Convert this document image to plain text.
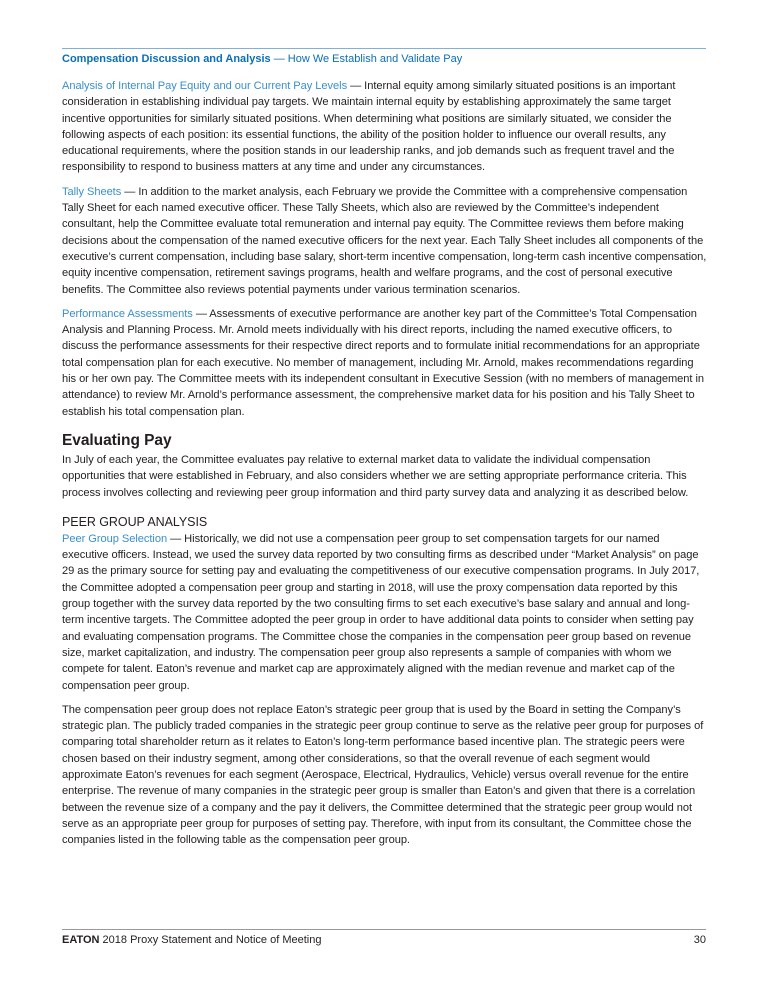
Compensation Discussion and Analysis — How We Establish and Validate Pay

Analysis of Internal Pay Equity and our Current Pay Levels — Internal equity among similarly situated positions is an important consideration in establishing individual pay targets. We maintain internal equity by establishing approximately the same target incentive opportunities for similarly situated positions. When determining what positions are similarly situated, we consider the following aspects of each position: its essential functions, the ability of the position holder to influence our overall results, any educational requirements, where the position stands in our leadership ranks, and job demands such as frequent travel and the responsibility to respond to business matters at any time and under any circumstances.

Tally Sheets — In addition to the market analysis, each February we provide the Committee with a comprehensive compensation Tally Sheet for each named executive officer. These Tally Sheets, which also are reviewed by the Committee’s independent consultant, help the Committee evaluate total remuneration and internal pay equity. The Committee reviews them before making decisions about the compensation of the named executive officers for the next year. Each Tally Sheet includes all components of the executive’s current compensation, including base salary, short-term incentive compensation, long-term cash incentive compensation, equity incentive compensation, retirement savings programs, health and welfare programs, and the cost of personal executive benefits. The Committee also reviews potential payments under various termination scenarios.

Performance Assessments — Assessments of executive performance are another key part of the Committee’s Total Compensation Analysis and Planning Process. Mr. Arnold meets individually with his direct reports, including the named executive officers, to discuss the performance assessments for their respective direct reports and to formulate initial recommendations for an appropriate total compensation plan for each executive. No member of management, including Mr. Arnold, makes recommendations regarding his or her own pay. The Committee meets with its independent consultant in Executive Session (with no members of management in attendance) to review Mr. Arnold’s performance assessment, the comprehensive market data for his position and his Tally Sheet to establish his total compensation plan.

Evaluating Pay

In July of each year, the Committee evaluates pay relative to external market data to validate the individual compensation opportunities that were established in February, and also considers whether we are setting appropriate performance criteria. This process involves collecting and reviewing peer group information and third party survey data and analyzing it as described below.

PEER GROUP ANALYSIS

Peer Group Selection — Historically, we did not use a compensation peer group to set compensation targets for our named executive officers. Instead, we used the survey data reported by two consulting firms as described under “Market Analysis” on page 29 as the primary source for setting pay and evaluating the competitiveness of our executive compensation programs. In July 2017, the Committee adopted a compensation peer group and starting in 2018, will use the proxy compensation data reported by this group together with the survey data reported by the two consulting firms to set each executive’s base salary and annual and long-term incentive targets. The Committee adopted the peer group in order to have additional data points to consider when setting pay and evaluating compensation programs. The Committee chose the companies in the compensation peer group based on revenue size, market capitalization, and industry. The compensation peer group also represents a sample of companies with whom we compete for talent. Eaton’s revenue and market cap are approximately aligned with the median revenue and market cap of the compensation peer group.

The compensation peer group does not replace Eaton’s strategic peer group that is used by the Board in setting the Company’s strategic plan. The publicly traded companies in the strategic peer group continue to serve as the relative peer group for purposes of comparing total shareholder return as it relates to Eaton’s long-term performance based incentive plan. The strategic peers were chosen based on their industry segment, among other considerations, so that the overall revenue of each segment would approximate Eaton’s revenues for each segment (Aerospace, Electrical, Hydraulics, Vehicle) versus overall revenue for the entire enterprise. The revenue of many companies in the strategic peer group is smaller than Eaton’s and given that there is a correlation between the revenue size of a company and the pay it delivers, the Committee determined that the strategic peer group would not serve as an appropriate peer group for purposes of setting pay. Therefore, with input from its consultant, the Committee chose the companies listed in the following table as the compensation peer group.

EATON 2018 Proxy Statement and Notice of Meeting	30
